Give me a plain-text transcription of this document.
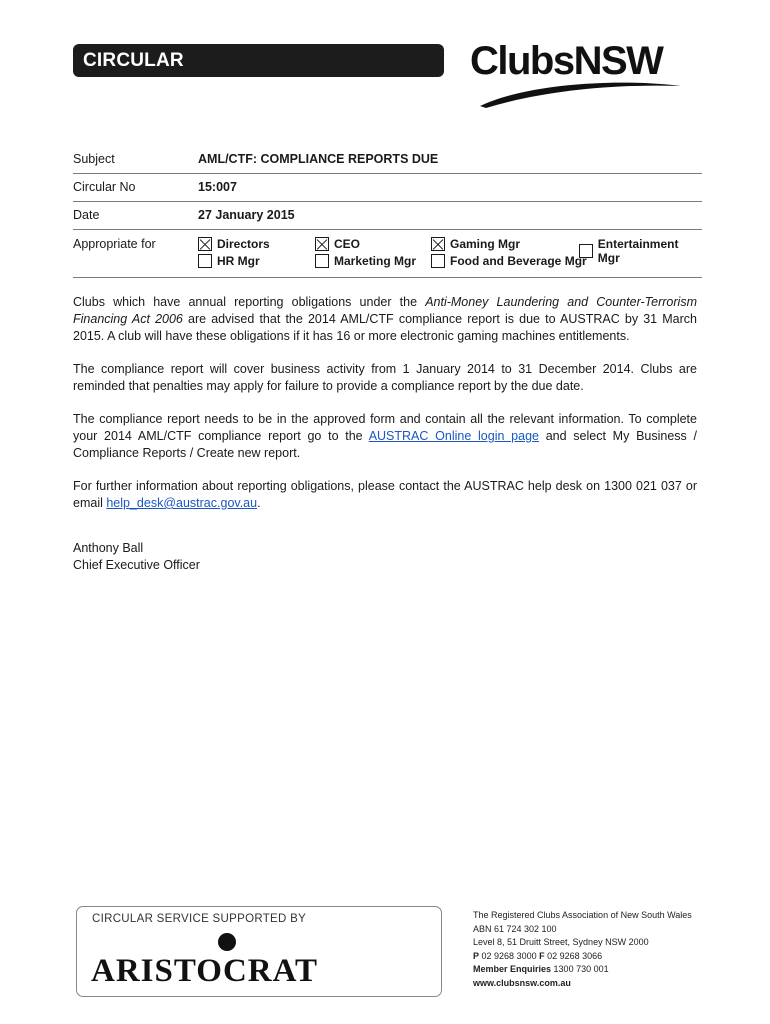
CIRCULAR	ClubsNSW
Subject	AML/CTF: COMPLIANCE REPORTS DUE
Circular No	15:007
Date	27 January 2015
Appropriate for	Directors	CEO	Gaming Mgr	Entertainment Mgr
HR Mgr	Marketing Mgr	Food and Beverage Mgr

Clubs which have annual reporting obligations under the Anti-Money Laundering and Counter-Terrorism Financing Act 2006 are advised that the 2014 AML/CTF compliance report is due to AUSTRAC by 31 March 2015. A club will have these obligations if it has 16 or more electronic gaming machines entitlements.

The compliance report will cover business activity from 1 January 2014 to 31 December 2014. Clubs are reminded that penalties may apply for failure to provide a compliance report by the due date.

The compliance report needs to be in the approved form and contain all the relevant information. To complete your 2014 AML/CTF compliance report go to the AUSTRAC Online login page and select My Business / Compliance Reports / Create new report.

For further information about reporting obligations, please contact the AUSTRAC help desk on 1300 021 037 or email help_desk@austrac.gov.au.

Anthony Ball
Chief Executive Officer
CIRCULAR SERVICE SUPPORTED BY
ARISTOCRAT
The Registered Clubs Association of New South Wales
ABN 61 724 302 100
Level 8, 51 Druitt Street, Sydney NSW 2000
P 02 9268 3000 F 02 9268 3066
Member Enquiries 1300 730 001
www.clubsnsw.com.au
